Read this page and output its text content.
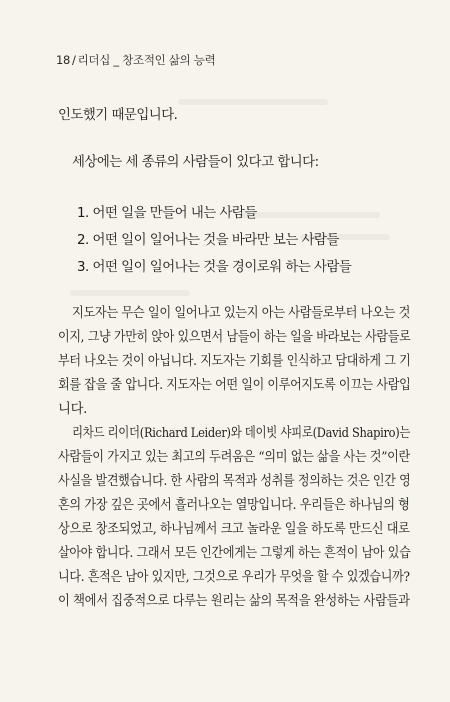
18 / 리더십 _ 창조적인 삶의 능력
인도했기 때문입니다.
세상에는 세 종류의 사람들이 있다고 합니다:
1. 어떤 일을 만들어 내는 사람들
2. 어떤 일이 일어나는 것을 바라만 보는 사람들
3. 어떤 일이 일어나는 것을 경이로워 하는 사람들
지도자는 무슨 일이 일어나고 있는지 아는 사람들로부터 나오는 것
이지, 그냥 가만히 앉아 있으면서 남들이 하는 일을 바라보는 사람들로
부터 나오는 것이 아닙니다. 지도자는 기회를 인식하고 담대하게 그 기
회를 잡을 줄 압니다. 지도자는 어떤 일이 이루어지도록 이끄는 사람입
니다.
리차드 리이더(Richard Leider)와 데이빗 샤피로(David Shapiro)는
사람들이 가지고 있는 최고의 두려움은 “의미 없는 삶을 사는 것”이란
사실을 발견했습니다. 한 사람의 목적과 성취를 정의하는 것은 인간 영
혼의 가장 깊은 곳에서 흘러나오는 열망입니다. 우리들은 하나님의 형
상으로 창조되었고, 하나님께서 크고 놀라운 일을 하도록 만드신 대로
살아야 합니다. 그래서 모든 인간에게는 그렇게 하는 흔적이 남아 있습
니다. 흔적은 남아 있지만, 그것으로 우리가 무엇을 할 수 있겠습니까?
이 책에서 집중적으로 다루는 원리는 삶의 목적을 완성하는 사람들과
